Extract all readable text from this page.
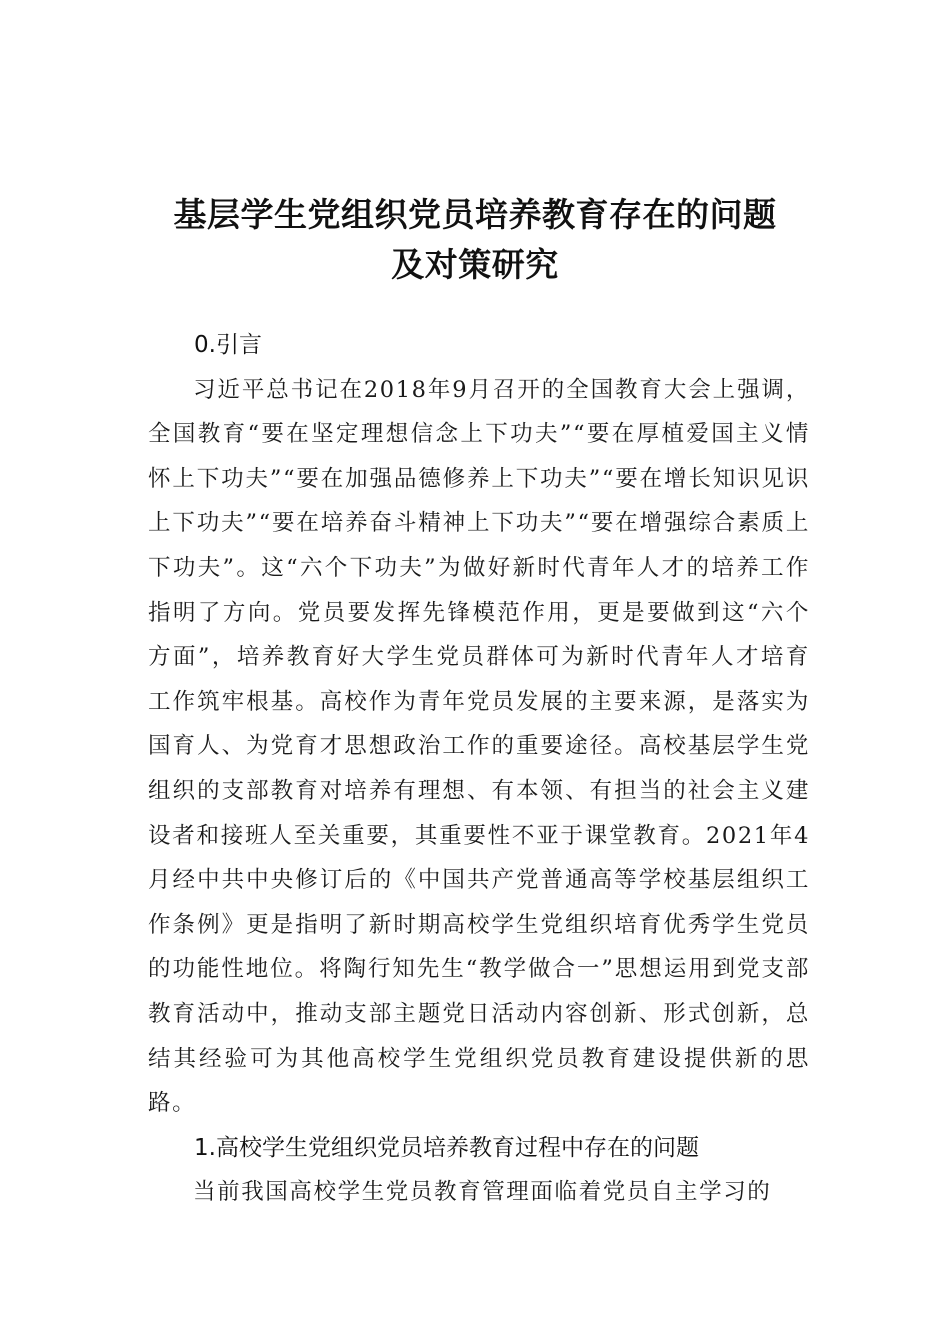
基层学生党组织党员培养教育存在的问题
及对策研究

0.引言

习近平总书记在2018年9月召开的全国教育大会上强调，全国教育“要在坚定理想信念上下功夫”“要在厚植爱国主义情怀上下功夫”“要在加强品德修养上下功夫”“要在增长知识见识上下功夫”“要在培养奋斗精神上下功夫”“要在增强综合素质上下功夫”。这“六个下功夫”为做好新时代青年人才的培养工作指明了方向。党员要发挥先锋模范作用，更是要做到这“六个方面”，培养教育好大学生党员群体可为新时代青年人才培育工作筑牢根基。高校作为青年党员发展的主要来源，是落实为国育人、为党育才思想政治工作的重要途径。高校基层学生党组织的支部教育对培养有理想、有本领、有担当的社会主义建设者和接班人至关重要，其重要性不亚于课堂教育。2021年4月经中共中央修订后的《中国共产党普通高等学校基层组织工作条例》更是指明了新时期高校学生党组织培育优秀学生党员的功能性地位。将陶行知先生“教学做合一”思想运用到党支部教育活动中，推动支部主题党日活动内容创新、形式创新，总结其经验可为其他高校学生党组织党员教育建设提供新的思路。

1.高校学生党组织党员培养教育过程中存在的问题

当前我国高校学生党员教育管理面临着党员自主学习的
